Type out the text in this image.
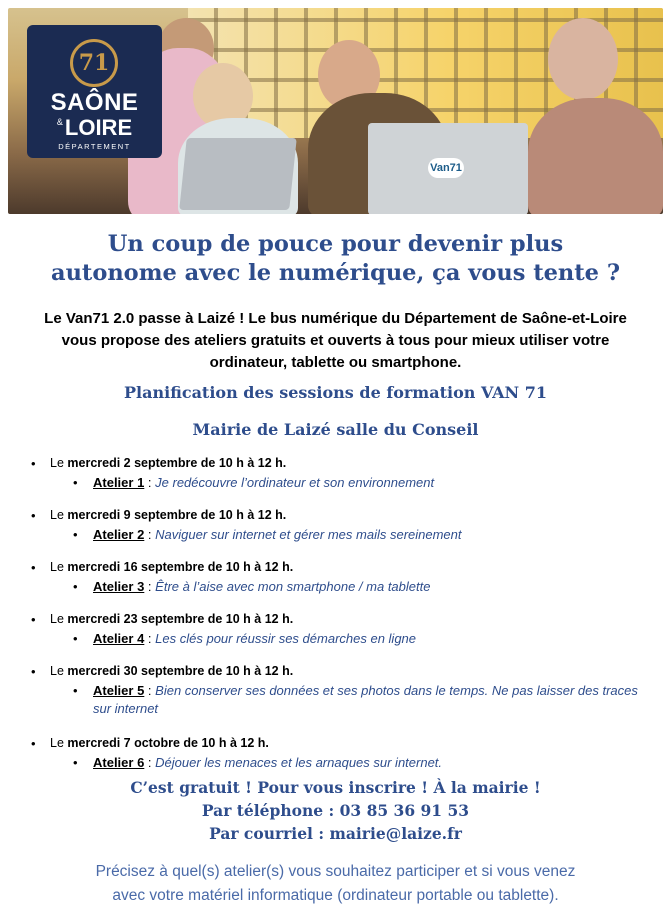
Van71
71
SAÔNE
&LOIRE
DÉPARTEMENT
Un coup de pouce pour devenir plus
autonome avec le numérique, ça vous tente ?
Le Van71 2.0 passe à Laizé ! Le bus numérique du Département de Saône-et-Loire
vous propose des ateliers gratuits et ouverts à tous pour mieux utiliser votre
ordinateur, tablette ou smartphone.
Planification des sessions de formation VAN 71
Mairie de Laizé salle du Conseil
• Le mercredi 2 septembre de 10 h à 12 h.
• Atelier 1 : Je redécouvre l’ordinateur et son environnement
• Le mercredi 9 septembre de 10 h à 12 h.
• Atelier 2 : Naviguer sur internet et gérer mes mails sereinement
• Le mercredi 16 septembre de 10 h à 12 h.
• Atelier 3 : Être à l’aise avec mon smartphone / ma tablette
• Le mercredi 23 septembre de 10 h à 12 h.
• Atelier 4 : Les clés pour réussir ses démarches en ligne
• Le mercredi 30 septembre de 10 h à 12 h.
• Atelier 5 : Bien conserver ses données et ses photos dans le temps. Ne pas laisser des traces sur internet
• Le mercredi 7 octobre de 10 h à 12 h.
• Atelier 6 : Déjouer les menaces et les arnaques sur internet.
C’est gratuit ! Pour vous inscrire ! À la mairie !
Par téléphone : 03 85 36 91 53
Par courriel : mairie@laize.fr
Précisez à quel(s) atelier(s) vous souhaitez participer et si vous venez
avec votre matériel informatique (ordinateur portable ou tablette).
